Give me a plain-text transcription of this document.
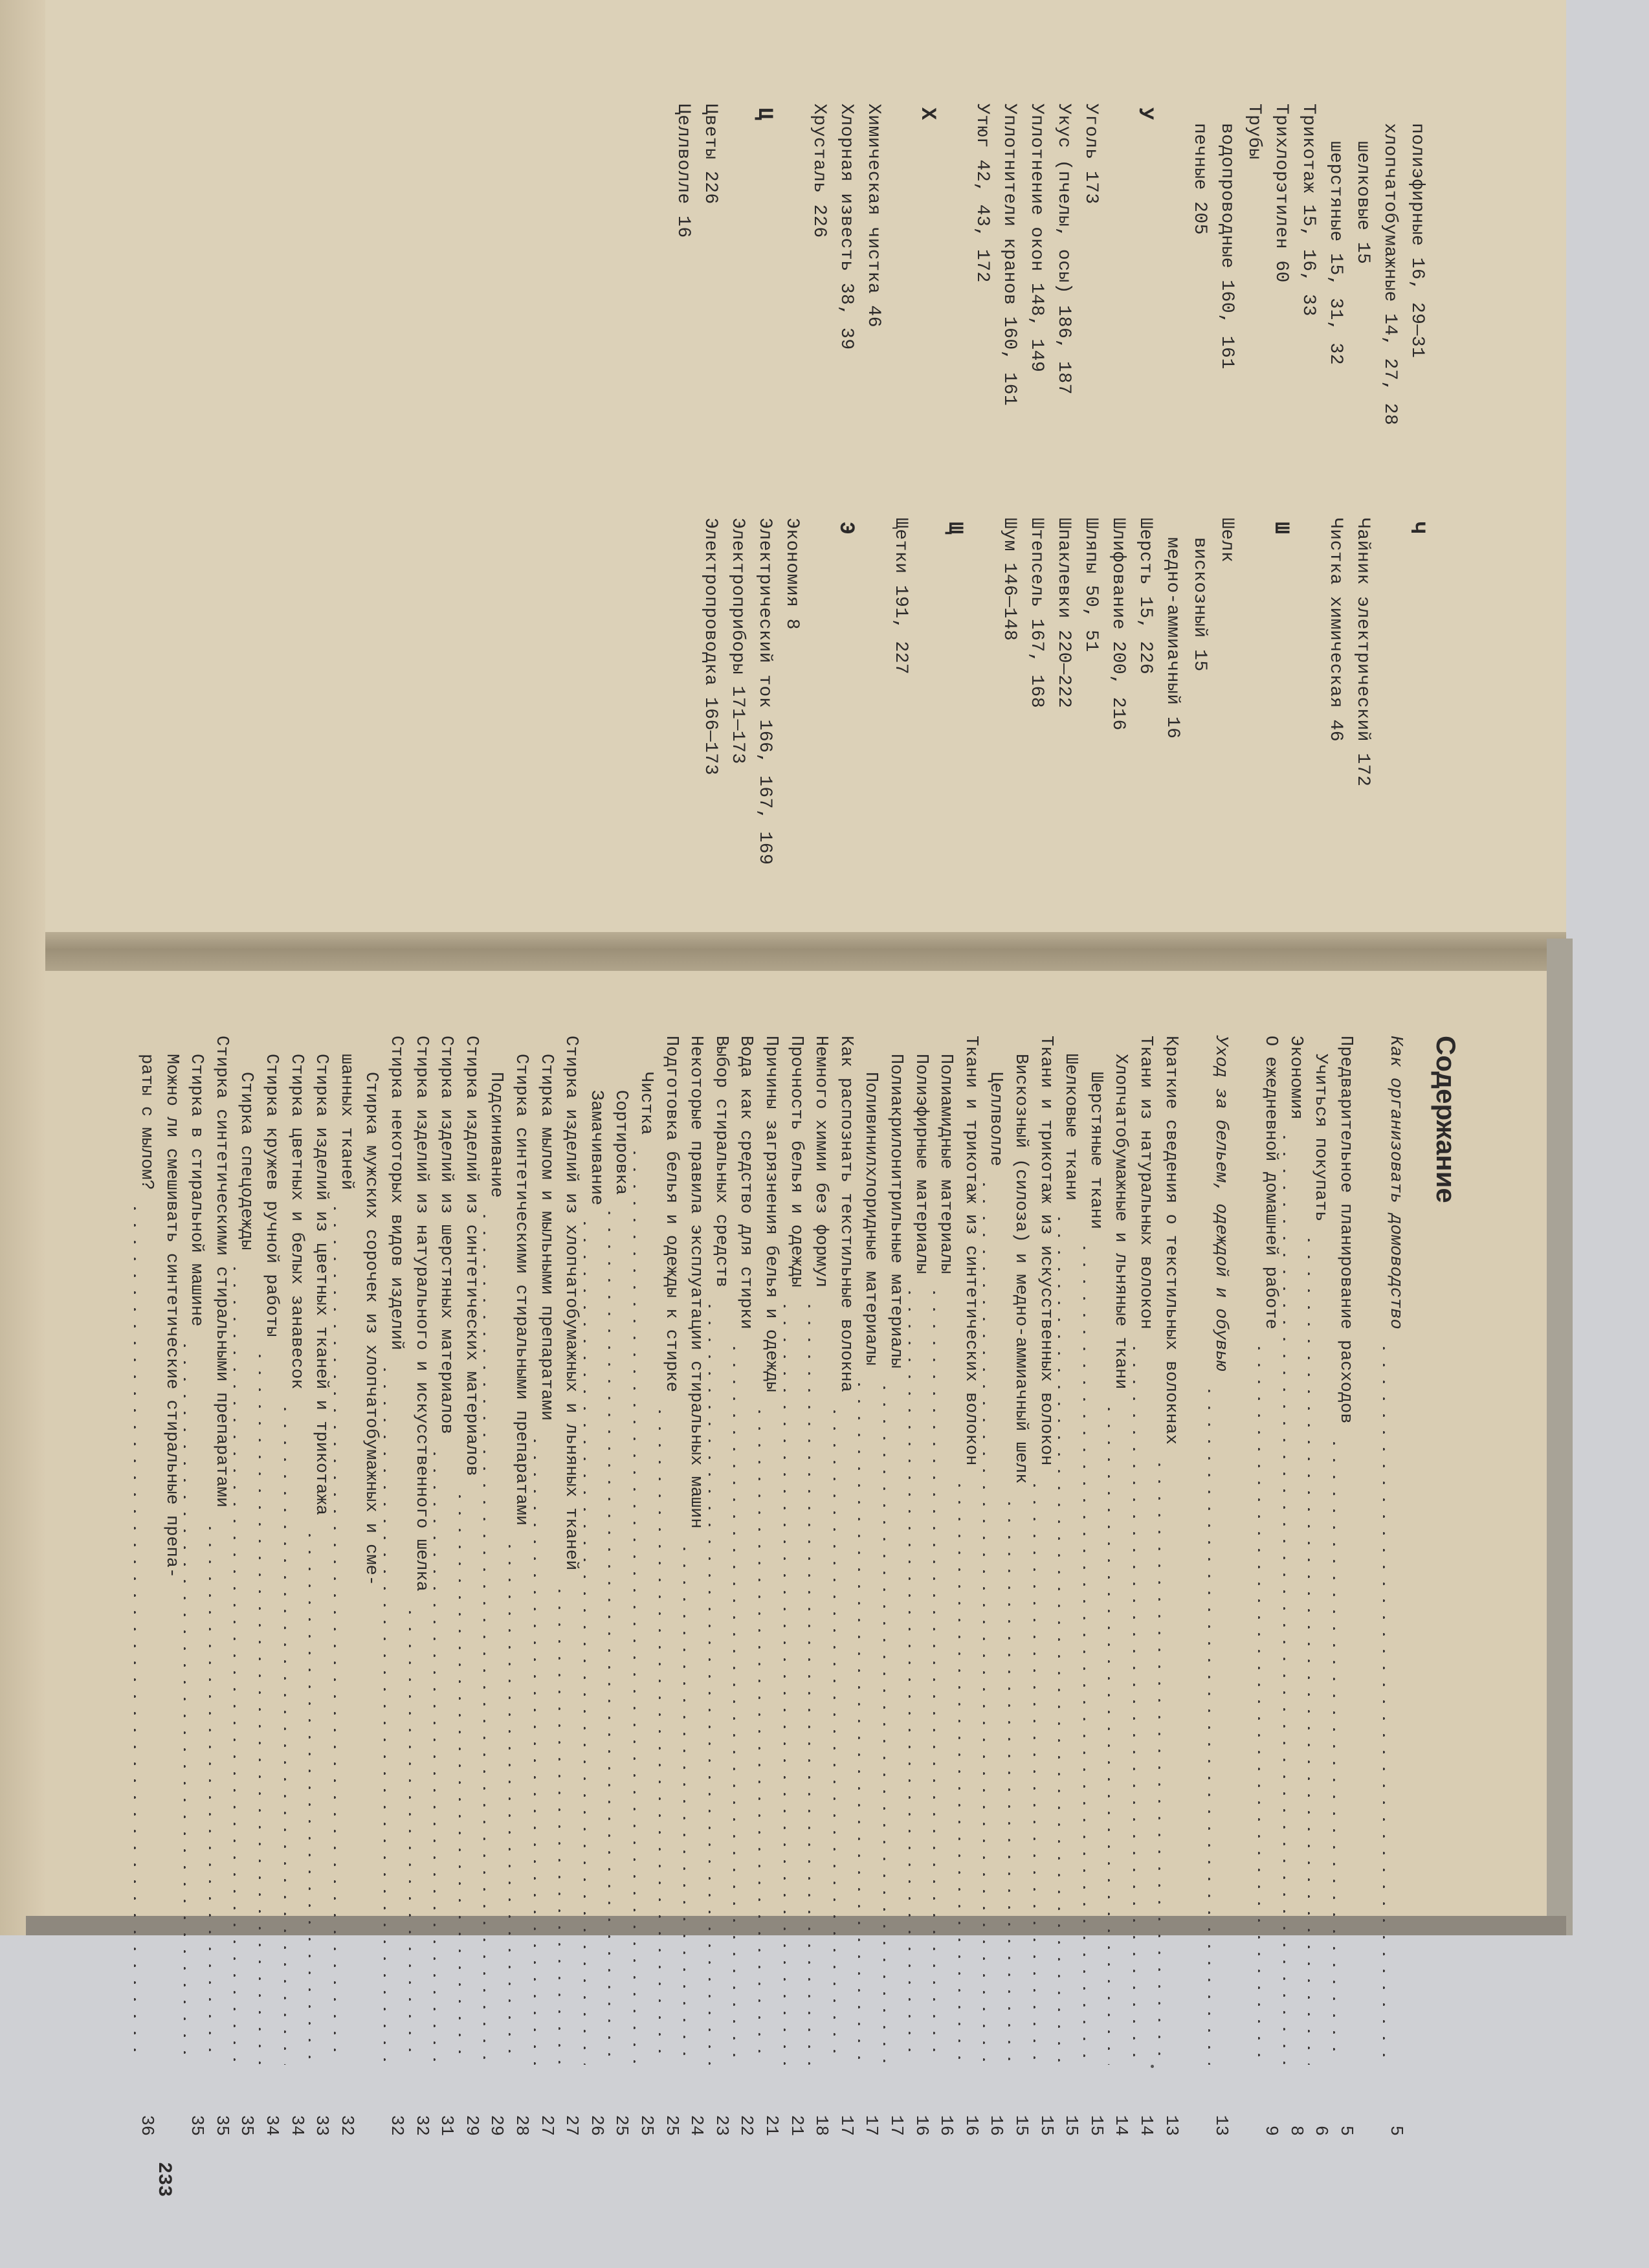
полиэфирные 16, 29—31
хлопчатобумажные 14, 27, 28
шелковые 15
шерстяные 15, 31, 32
Трикотаж 15, 16, 33
Трихлорэтилен 60
Трубы
водопроводные 160, 161
печные 205
У
Уголь 173
Укус (пчелы, осы) 186, 187
Уплотнение окон 148, 149
Уплотнители кранов 160, 161
Утюг 42, 43, 172
Х
Химическая чистка 46
Хлорная известь 38, 39
Хрусталь 226
Ц
Цветы 226
Целлволле 16
Ч
Чайник электрический 172
Чистка химическая 46
Ш
Шелк
вискозный 15
медно-аммиачный 16
Шерсть 15, 226
Шлифование 200, 216
Шляпы 50, 51
Шпаклевки 220—222
Штепсель 167, 168
Шум 146—148
Щ
Щетки 191, 227
Э
Экономия 8
Электрический ток 166, 167, 169
Электроприборы 171—173
Электропроводка 166—173
Содержание
Как организовать домоводство
5
Предварительное планирование расходов
5
Учиться покупать
6
Экономия
8
О ежедневной домашней работе
9
Уход за бельем, одеждой и обувью
13
Краткие сведения о текстильных волокнах
13
Ткани из натуральных волокон
14
Хлопчатобумажные и льняные ткани
14
Шерстяные ткани
15
Шелковые ткани
15
Ткани и трикотаж из искусственных волокон
15
Вискозный (силоза) и медно-аммиачный шелк
15
Целлволле
16
Ткани и трикотаж из синтетических волокон
16
Полиамидные материалы
16
Полиэфирные материалы
16
Полиакрилонитрильные материалы
17
Поливинилхлоридные материалы
17
Как распознать текстильные волокна
17
Немного химии без формул
18
Прочность белья и одежды
21
Причины загрязнения белья и одежды
21
Вода как средство для стирки
22
Выбор стиральных средств
23
Некоторые правила эксплуатации стиральных машин
24
Подготовка белья и одежды к стирке
25
Чистка
25
Сортировка
25
Замачивание
26
Стирка изделий из хлопчатобумажных и льняных тканей
27
Стирка мылом и мыльными препаратами
27
Стирка синтетическими стиральными препаратами
28
Подсинивание
29
Стирка изделий из синтетических материалов
29
Стирка изделий из шерстяных материалов
31
Стирка изделий из натурального и искусственного шелка
32
Стирка некоторых видов изделий
32
Стирка мужских сорочек из хлопчатобумажных и сме-
шанных тканей
32
Стирка изделий из цветных тканей и трикотажа
33
Стирка цветных и белых занавесок
34
Стирка кружев ручной работы
34
Стирка спецодежды
35
Стирка синтетическими стиральными препаратами
35
Стирка в стиральной машине
35
Можно ли смешивать синтетические стиральные препа-
раты с мылом?
36
233
